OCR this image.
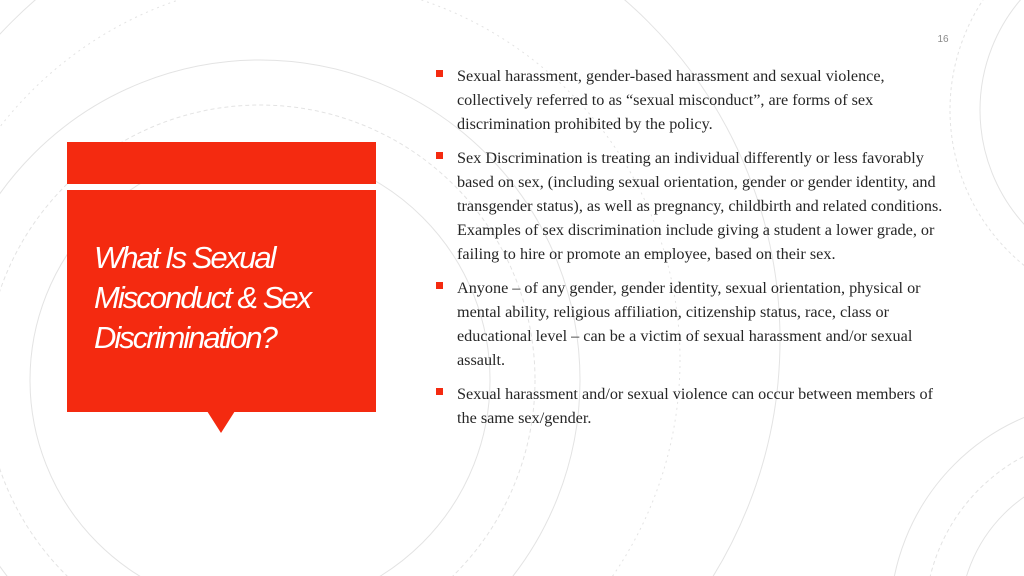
16
What Is Sexual Misconduct & Sex Discrimination?
Sexual harassment, gender-based harassment and sexual violence, collectively referred to as “sexual misconduct”, are forms of sex discrimination prohibited by the policy.
Sex Discrimination is treating an individual differently or less favorably based on sex, (including sexual orientation, gender or gender identity, and transgender status), as well as pregnancy, childbirth and related conditions. Examples of sex discrimination include giving a student a lower grade, or failing to hire or promote an employee, based on their sex.
Anyone – of any gender, gender identity, sexual orientation, physical or mental ability, religious affiliation, citizenship status, race, class or educational level – can be a victim of sexual harassment and/or sexual assault.
Sexual harassment and/or sexual violence can occur between members of the same sex/gender.
